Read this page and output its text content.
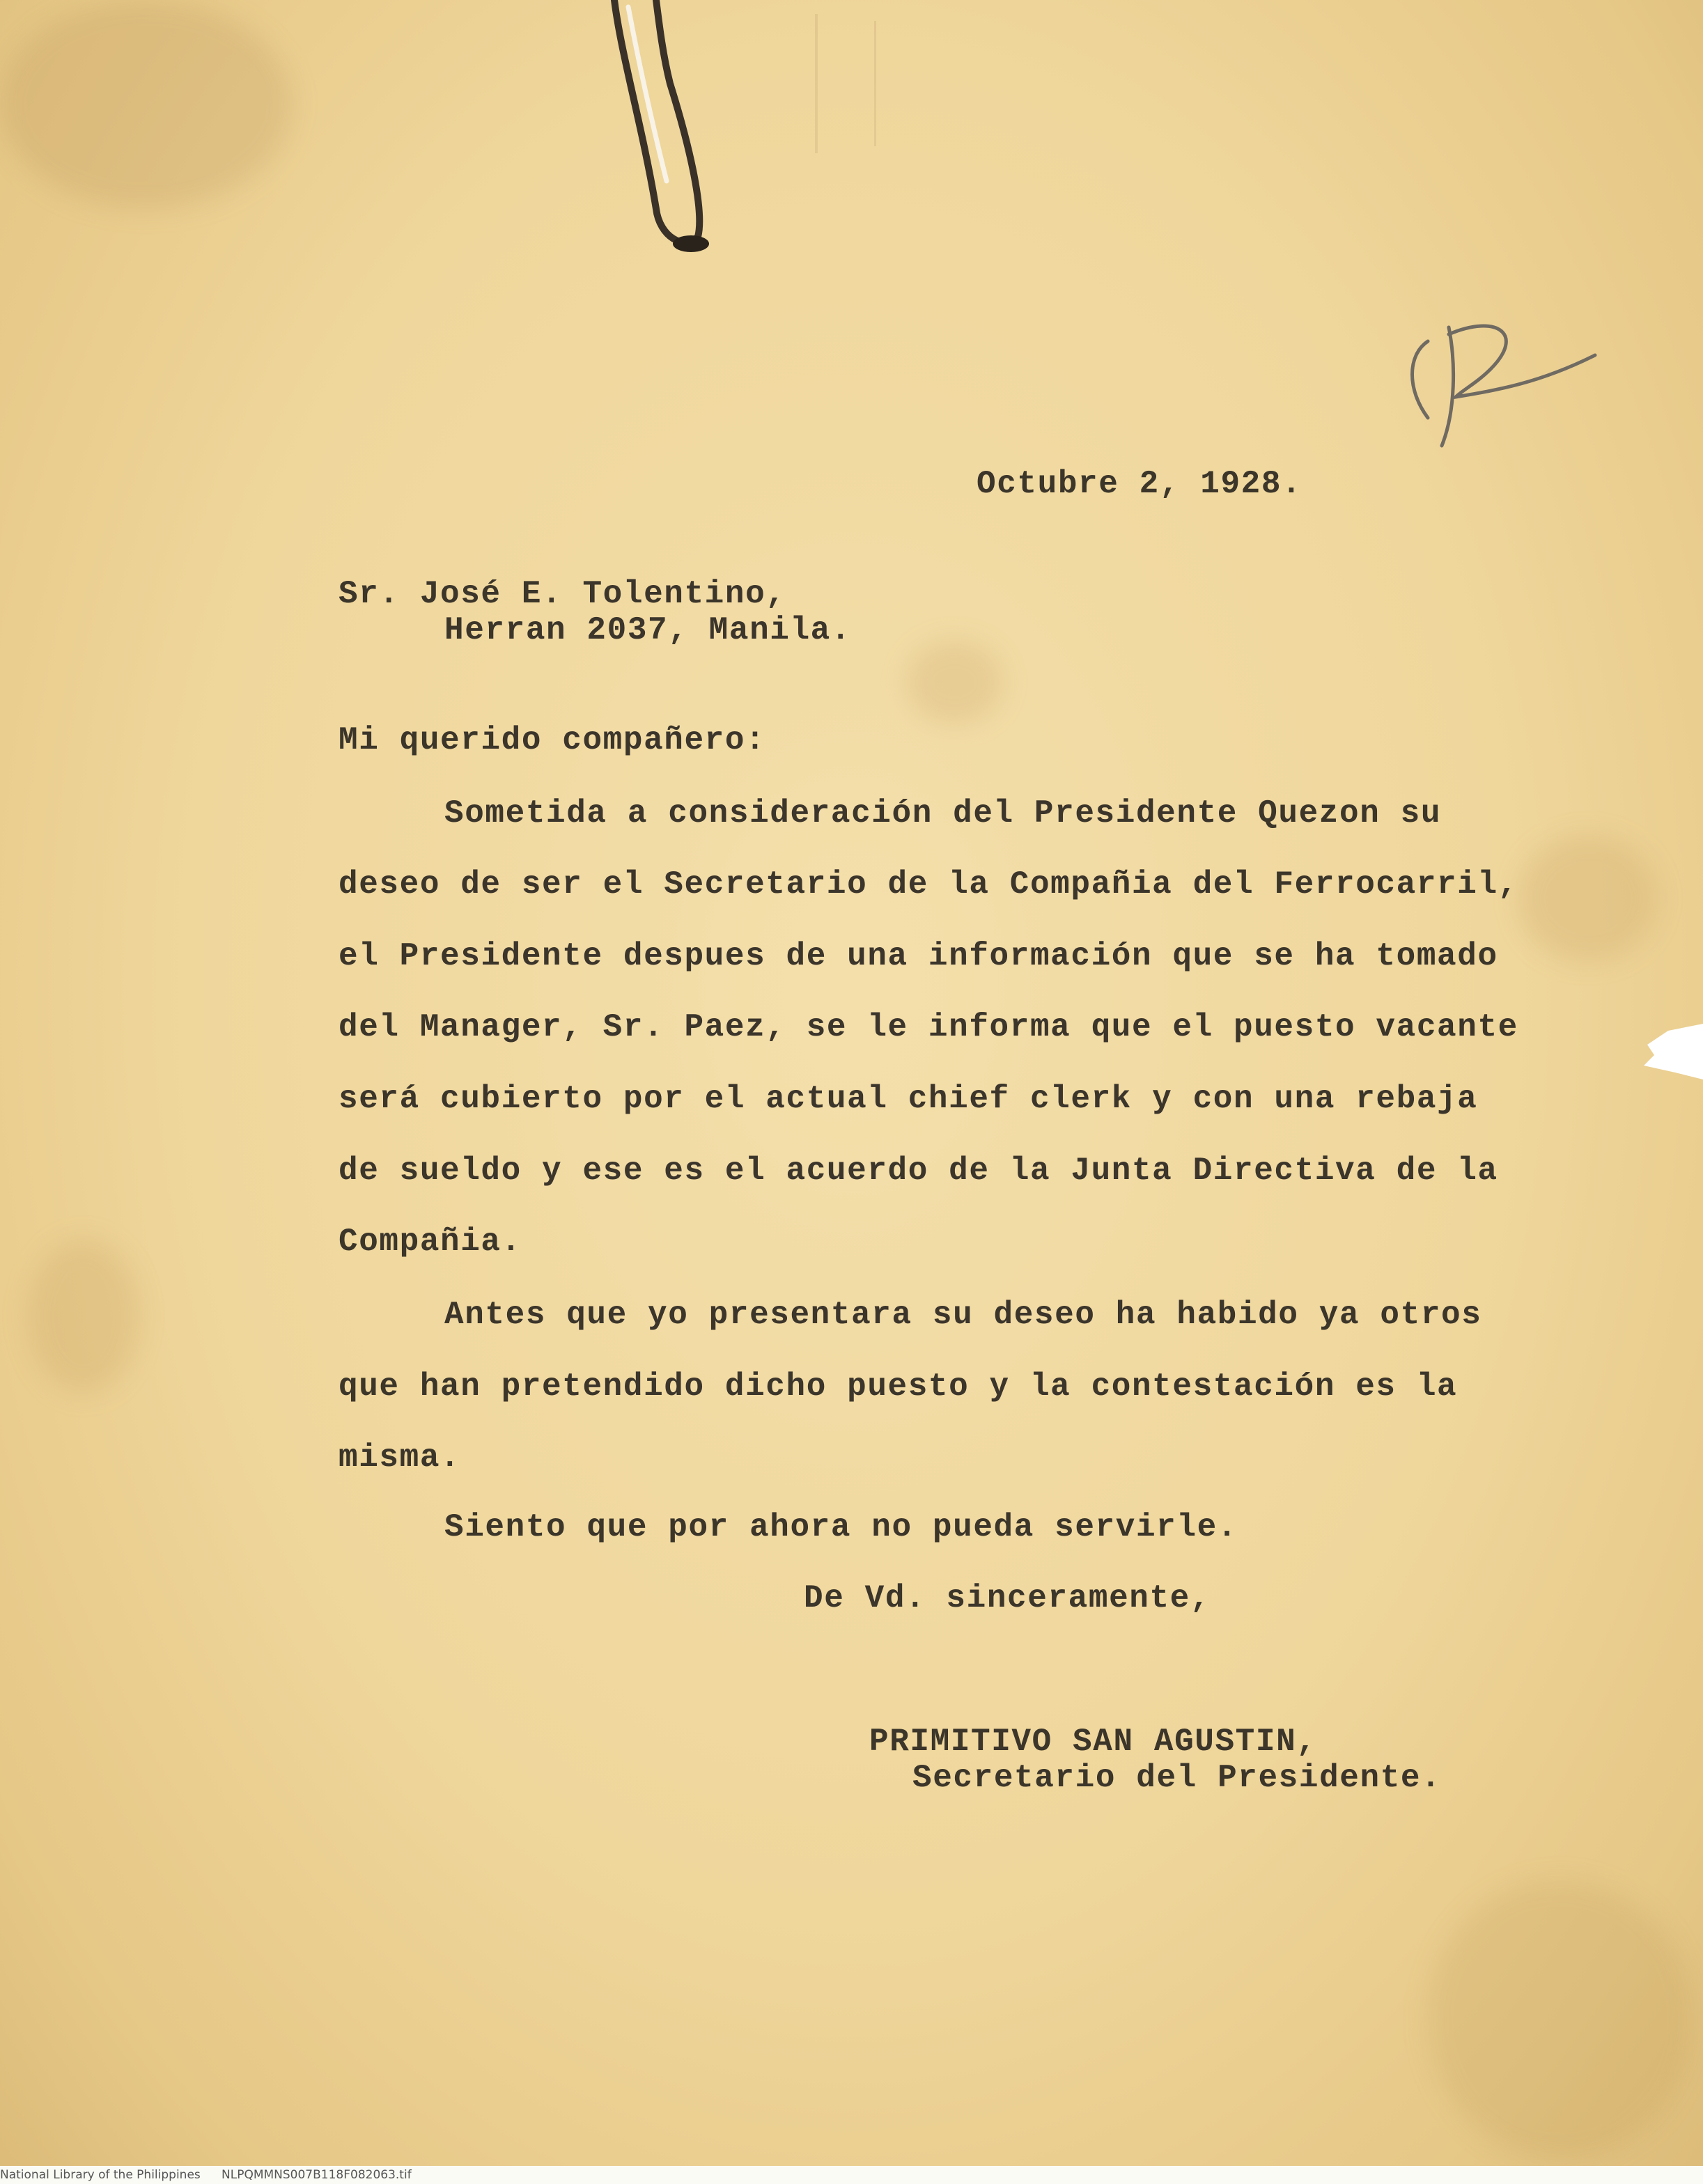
R
Octubre 2, 1928.
Sr. José E. Tolentino,
Herran 2037, Manila.
Mi querido compañero:
Sometida a consideración del Presidente Quezon su
deseo de ser el Secretario de la Compañia del Ferrocarril,
el Presidente despues de una información que se ha tomado
del Manager, Sr. Paez, se le informa que el puesto vacante
será cubierto por el actual chief clerk y con una rebaja
de sueldo y ese es el acuerdo de la Junta Directiva de la
Compañia.
Antes que yo presentara su deseo ha habido ya otros
que han pretendido dicho puesto y la contestación es la
misma.
Siento que por ahora no pueda servirle.
De Vd. sinceramente,
PRIMITIVO SAN AGUSTIN,
Secretario del Presidente.
National Library of the Philippines NLPQMMNS007B118F082063.tif
